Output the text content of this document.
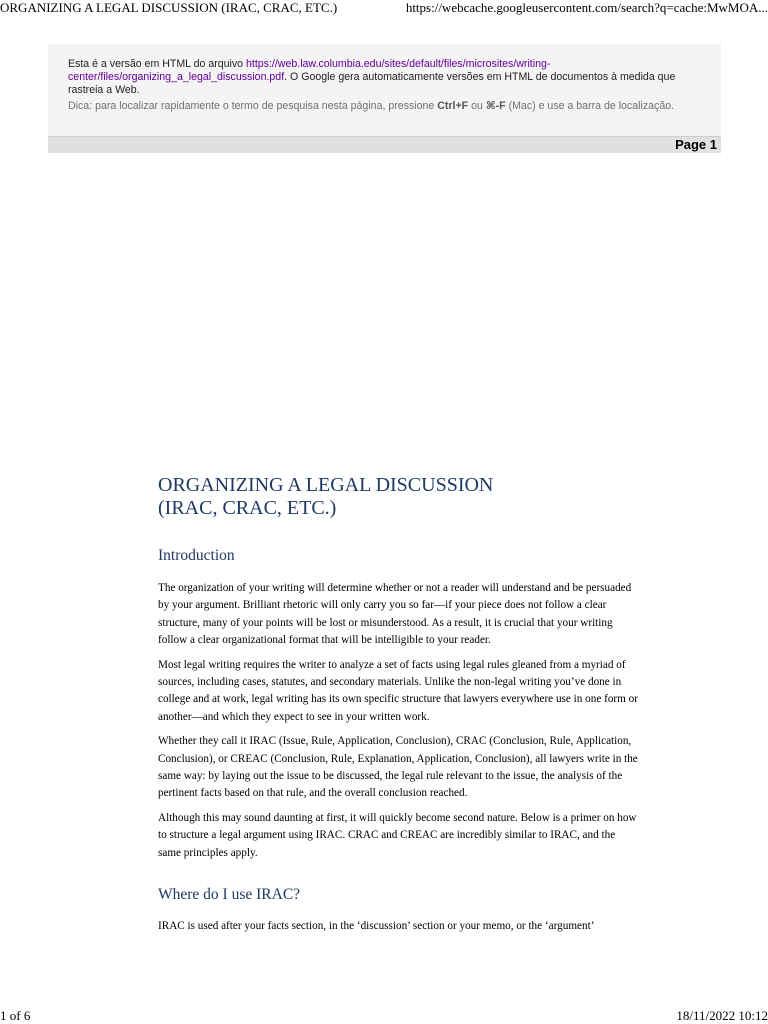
ORGANIZING A LEGAL DISCUSSION (IRAC, CRAC, ETC.)	https://webcache.googleusercontent.com/search?q=cache:MwMOA...
Esta é a versão em HTML do arquivo https://web.law.columbia.edu/sites/default/files/microsites/writing-center/files/organizing_a_legal_discussion.pdf. O Google gera automaticamente versões em HTML de documentos à medida que rastreia a Web.
Dica: para localizar rapidamente o termo de pesquisa nesta página, pressione Ctrl+F ou ⌘-F (Mac) e use a barra de localização.
Page 1
ORGANIZING A LEGAL DISCUSSION
(IRAC, CRAC, ETC.)
Introduction

The organization of your writing will determine whether or not a reader will understand and be persuaded by your argument. Brilliant rhetoric will only carry you so far—if your piece does not follow a clear structure, many of your points will be lost or misunderstood. As a result, it is crucial that your writing follow a clear organizational format that will be intelligible to your reader.

Most legal writing requires the writer to analyze a set of facts using legal rules gleaned from a myriad of sources, including cases, statutes, and secondary materials. Unlike the non-legal writing you’ve done in college and at work, legal writing has its own specific structure that lawyers everywhere use in one form or another—and which they expect to see in your written work.

Whether they call it IRAC (Issue, Rule, Application, Conclusion), CRAC (Conclusion, Rule, Application, Conclusion), or CREAC (Conclusion, Rule, Explanation, Application, Conclusion), all lawyers write in the same way: by laying out the issue to be discussed, the legal rule relevant to the issue, the analysis of the pertinent facts based on that rule, and the overall conclusion reached.

Although this may sound daunting at first, it will quickly become second nature. Below is a primer on how to structure a legal argument using IRAC. CRAC and CREAC are incredibly similar to IRAC, and the same principles apply.

Where do I use IRAC?

IRAC is used after your facts section, in the ‘discussion’ section or your memo, or the ‘argument’

1 of 6	18/11/2022 10:12
